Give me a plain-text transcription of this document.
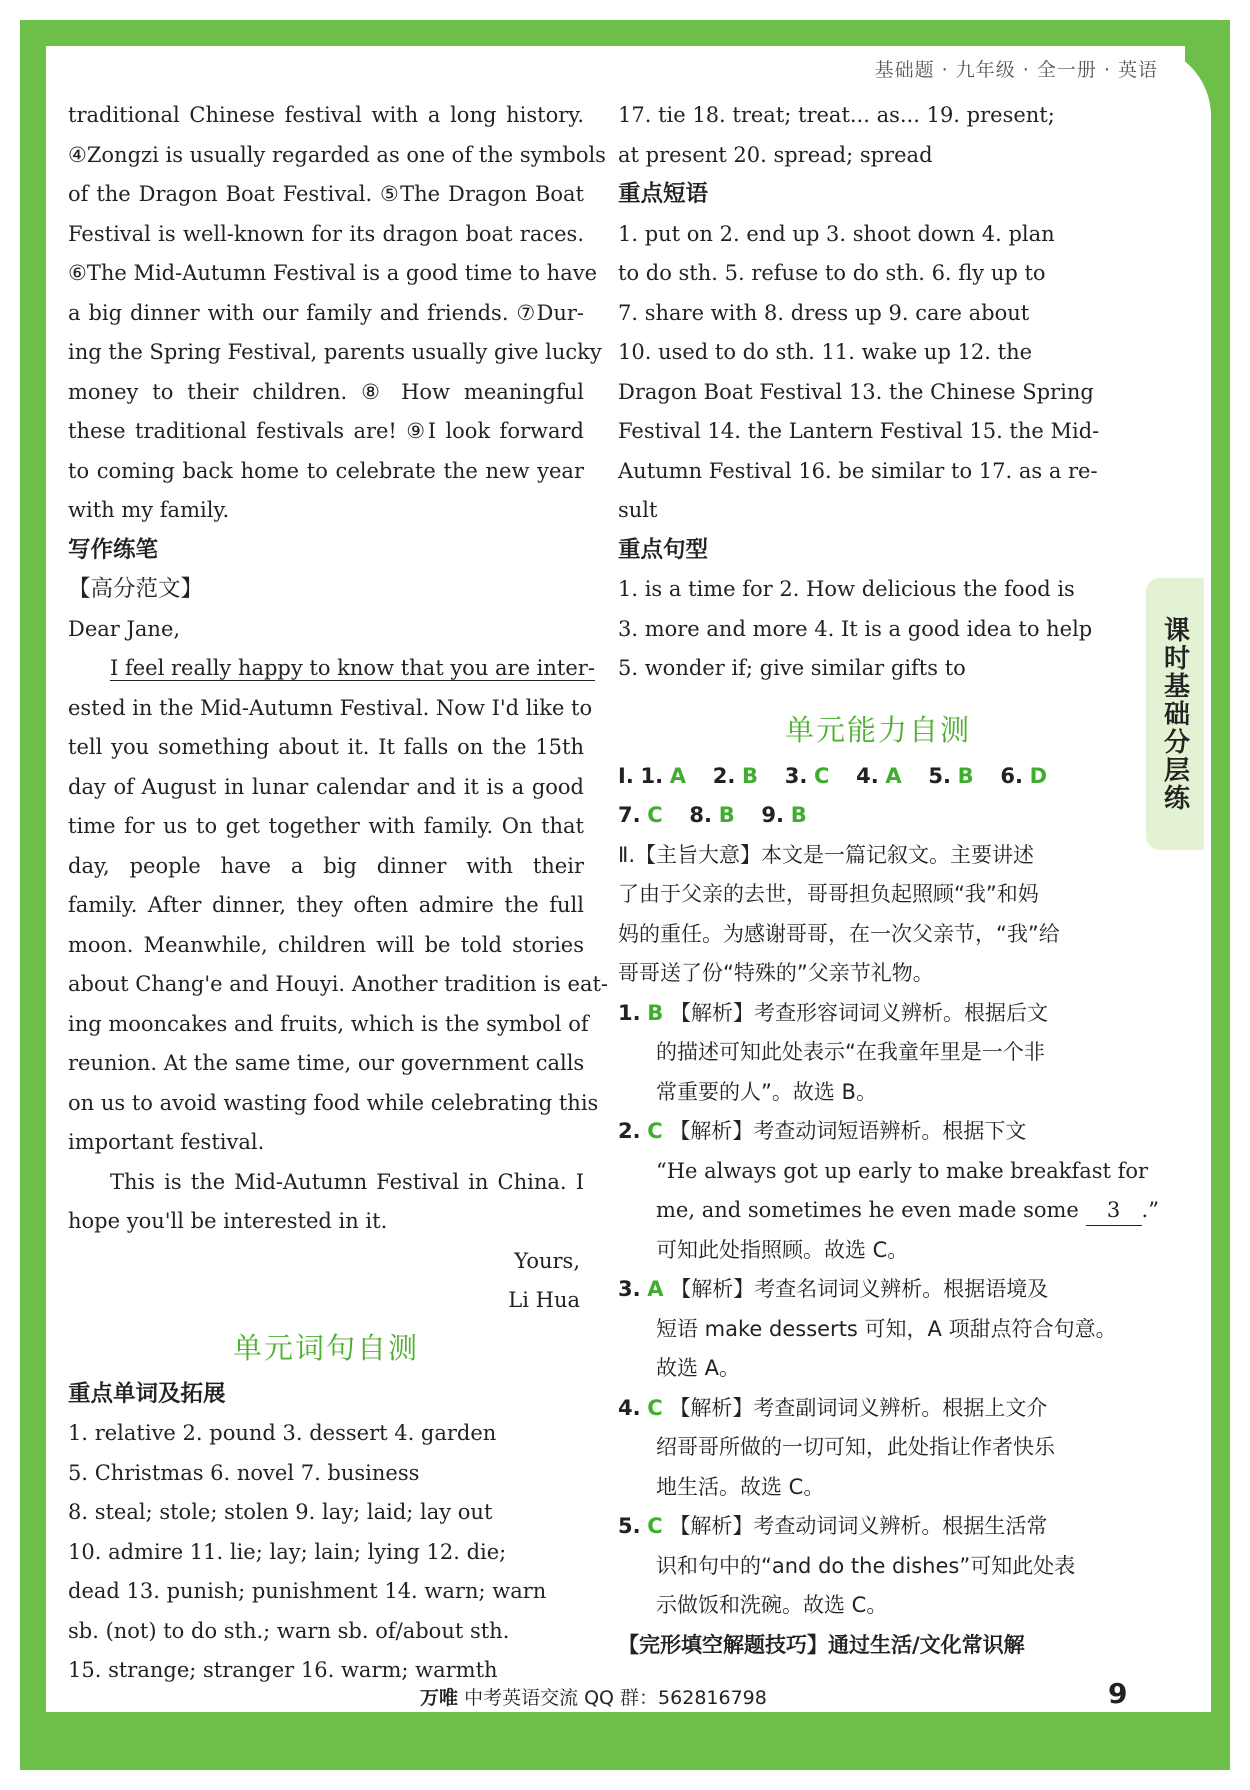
基础题 · 九年级 · 全一册 · 英语
课时基础分层练

traditional Chinese festival with a long history.

④Zongzi is usually regarded as one of the symbols

of the Dragon Boat Festival. ⑤The Dragon Boat

Festival is well-known for its dragon boat races.

⑥The Mid-Autumn Festival is a good time to have

a big dinner with our family and friends. ⑦Dur-

ing the Spring Festival, parents usually give lucky

money to their children. ⑧ How meaningful

these traditional festivals are! ⑨I look forward

to coming back home to celebrate the new year

with my family.

写作练笔

【高分范文】

Dear Jane,

I feel really happy to know that you are inter-

ested in the Mid-Autumn Festival. Now I'd like to

tell you something about it. It falls on the 15th

day of August in lunar calendar and it is a good

time for us to get together with family. On that

day, people have a big dinner with their

family. After dinner, they often admire the full

moon. Meanwhile, children will be told stories

about Chang'e and Houyi. Another tradition is eat-

ing mooncakes and fruits, which is the symbol of

reunion. At the same time, our government calls

on us to avoid wasting food while celebrating this

important festival.

This is the Mid-Autumn Festival in China. I

hope you'll be interested in it.

Yours,

Li Hua

单元词句自测

重点单词及拓展

1. relative 2. pound 3. dessert 4. garden

5. Christmas 6. novel 7. business

8. steal; stole; stolen 9. lay; laid; lay out

10. admire 11. lie; lay; lain; lying 12. die;

dead 13. punish; punishment 14. warn; warn

sb. (not) to do sth.; warn sb. of/about sth.

15. strange; stranger 16. warm; warmth

17. tie 18. treat; treat... as... 19. present;

at present 20. spread; spread

重点短语

1. put on 2. end up 3. shoot down 4. plan

to do sth. 5. refuse to do sth. 6. fly up to

7. share with 8. dress up 9. care about

10. used to do sth. 11. wake up 12. the

Dragon Boat Festival 13. the Chinese Spring

Festival 14. the Lantern Festival 15. the Mid-

Autumn Festival 16. be similar to 17. as a re-

sult

重点句型

1. is a time for 2. How delicious the food is

3. more and more 4. It is a good idea to help

5. wonder if; give similar gifts to

单元能力自测

Ⅰ. 1. A 2. B 3. C 4. A 5. B 6. D

7. C 8. B 9. B

Ⅱ.【主旨大意】本文是一篇记叙文。主要讲述

了由于父亲的去世，哥哥担负起照顾“我”和妈

妈的重任。为感谢哥哥，在一次父亲节，“我”给

哥哥送了份“特殊的”父亲节礼物。

1. B 【解析】考查形容词词义辨析。根据后文

的描述可知此处表示“在我童年里是一个非

常重要的人”。故选 B。

2. C 【解析】考查动词短语辨析。根据下文

“He always got up early to make breakfast for

me, and sometimes he even made some 3 .”

可知此处指照顾。故选 C。

3. A 【解析】考查名词词义辨析。根据语境及

短语 make desserts 可知，A 项甜点符合句意。

故选 A。

4. C 【解析】考查副词词义辨析。根据上文介

绍哥哥所做的一切可知，此处指让作者快乐

地生活。故选 C。

5. C 【解析】考查动词词义辨析。根据生活常

识和句中的“and do the dishes”可知此处表

示做饭和洗碗。故选 C。

【完形填空解题技巧】通过生活/文化常识解

万唯 中考英语交流 QQ 群：562816798	9
